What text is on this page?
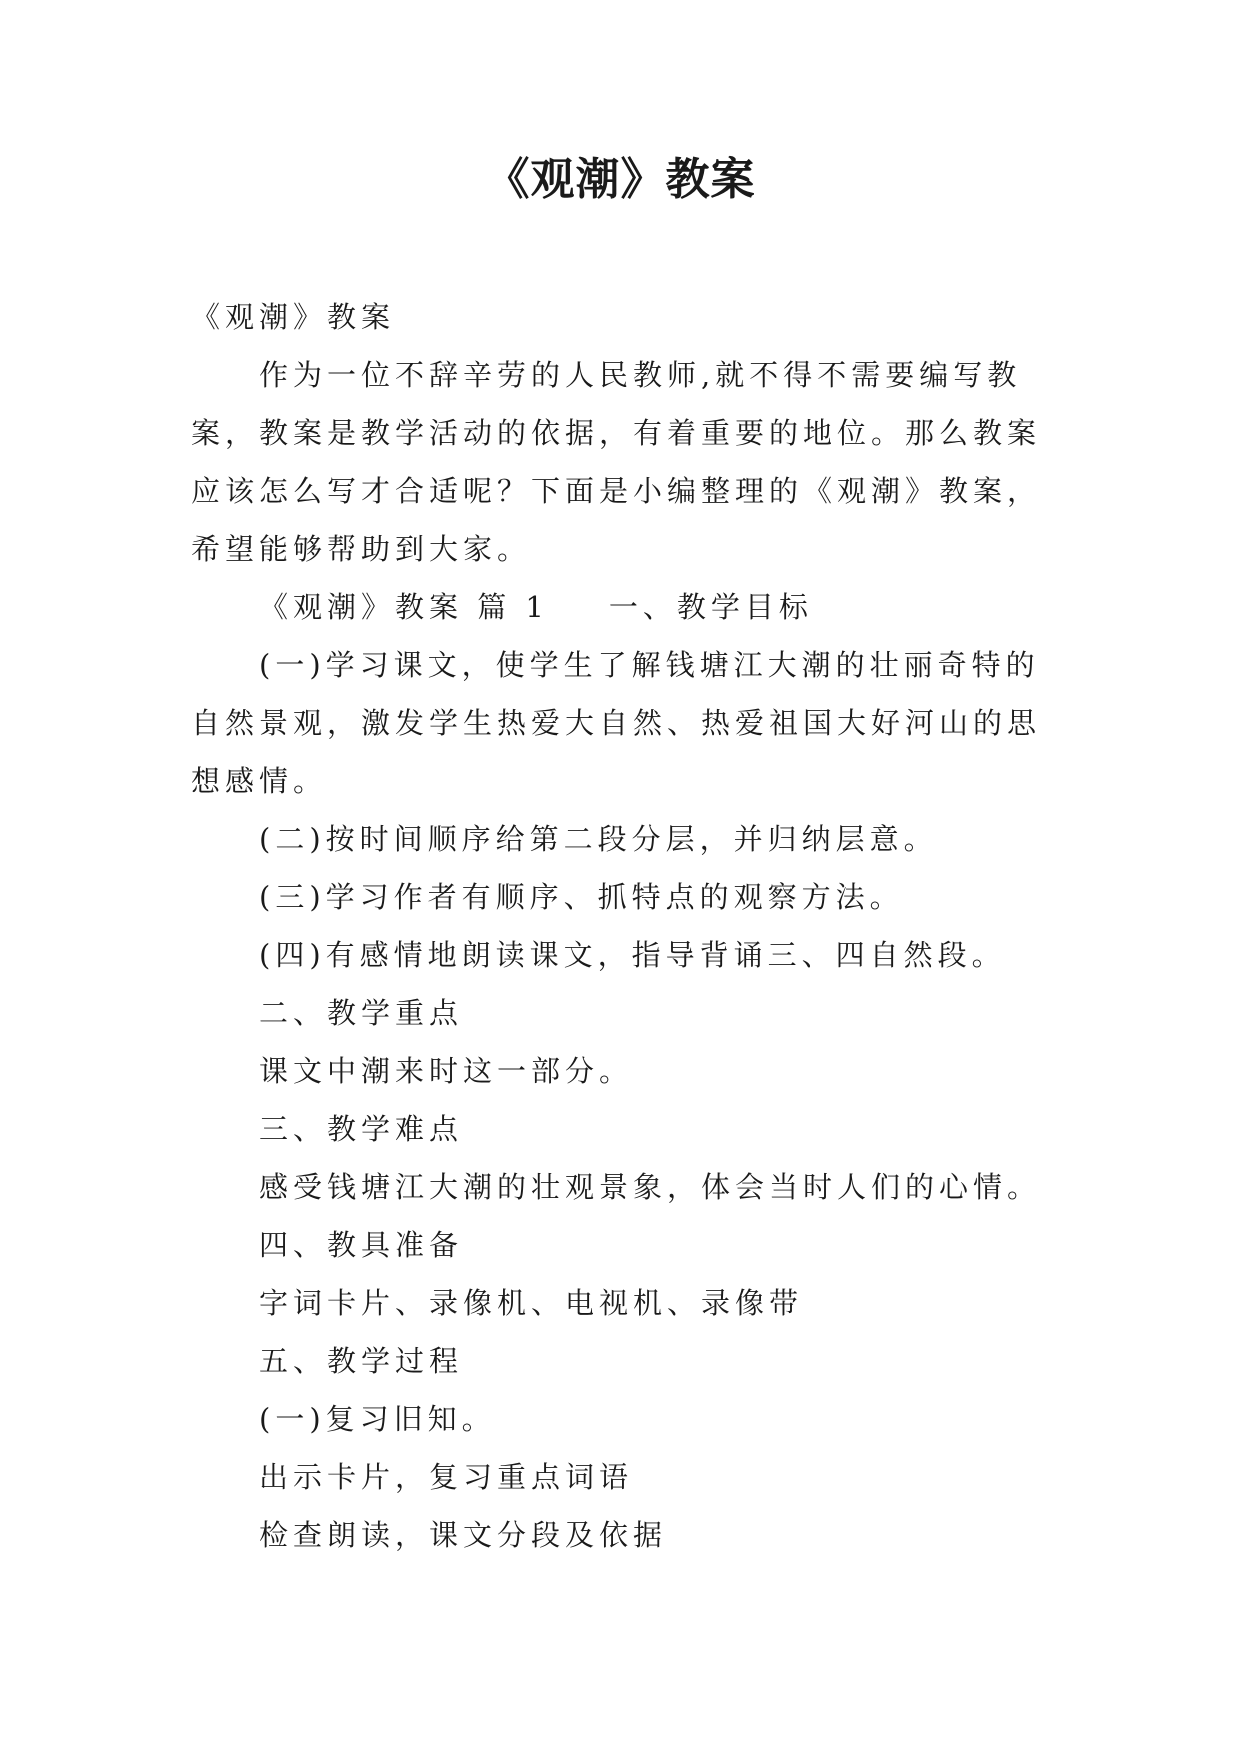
《观潮》教案

《观潮》教案

作为一位不辞辛劳的人民教师,就不得不需要编写教案，教案是教学活动的依据，有着重要的地位。那么教案应该怎么写才合适呢？下面是小编整理的《观潮》教案，希望能够帮助到大家。

《观潮》教案 篇 1 一、教学目标

(一)学习课文，使学生了解钱塘江大潮的壮丽奇特的自然景观，激发学生热爱大自然、热爱祖国大好河山的思想感情。

(二)按时间顺序给第二段分层，并归纳层意。

(三)学习作者有顺序、抓特点的观察方法。

(四)有感情地朗读课文，指导背诵三、四自然段。

二、教学重点

课文中潮来时这一部分。

三、教学难点

感受钱塘江大潮的壮观景象，体会当时人们的心情。

四、教具准备

字词卡片、录像机、电视机、录像带

五、教学过程

(一)复习旧知。

出示卡片，复习重点词语

检查朗读，课文分段及依据
